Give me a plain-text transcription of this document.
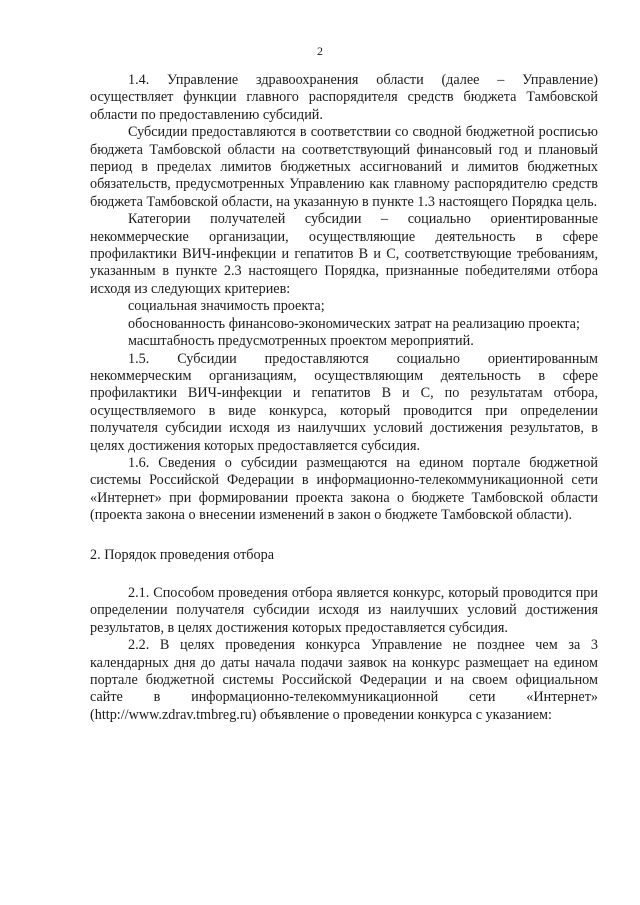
2

1.4. Управление здравоохранения области (далее – Управление) осуществляет функции главного распорядителя средств бюджета Тамбовской области по предоставлению субсидий.

Субсидии предоставляются в соответствии со сводной бюджетной росписью бюджета Тамбовской области на соответствующий финансовый год и плановый период в пределах лимитов бюджетных ассигнований и лимитов бюджетных обязательств, предусмотренных Управлению как главному распорядителю средств бюджета Тамбовской области, на указанную в пункте 1.3 настоящего Порядка цель.

Категории получателей субсидии – социально ориентированные некоммерческие организации, осуществляющие деятельность в сфере профилактики ВИЧ-инфекции и гепатитов В и С, соответствующие требованиям, указанным в пункте 2.3 настоящего Порядка, признанные победителями отбора исходя из следующих критериев:

социальная значимость проекта;

обоснованность финансово-экономических затрат на реализацию проекта;

масштабность предусмотренных проектом мероприятий.

1.5. Субсидии предоставляются социально ориентированным некоммерческим организациям, осуществляющим деятельность в сфере профилактики ВИЧ-инфекции и гепатитов В и С, по результатам отбора, осуществляемого в виде конкурса, который проводится при определении получателя субсидии исходя из наилучших условий достижения результатов, в целях достижения которых предоставляется субсидия.

1.6. Сведения о субсидии размещаются на едином портале бюджетной системы Российской Федерации в информационно-телекоммуникационной сети «Интернет» при формировании проекта закона о бюджете Тамбовской области (проекта закона о внесении изменений в закон о бюджете Тамбовской области).

2. Порядок проведения отбора

2.1. Способом проведения отбора является конкурс, который проводится при определении получателя субсидии исходя из наилучших условий достижения результатов, в целях достижения которых предоставляется субсидия.

2.2. В целях проведения конкурса Управление не позднее чем за 3 календарных дня до даты начала подачи заявок на конкурс размещает на едином портале бюджетной системы Российской Федерации и на своем официальном сайте в информационно-телекоммуникационной сети «Интернет» (http://www.zdrav.tmbreg.ru) объявление о проведении конкурса с указанием:
